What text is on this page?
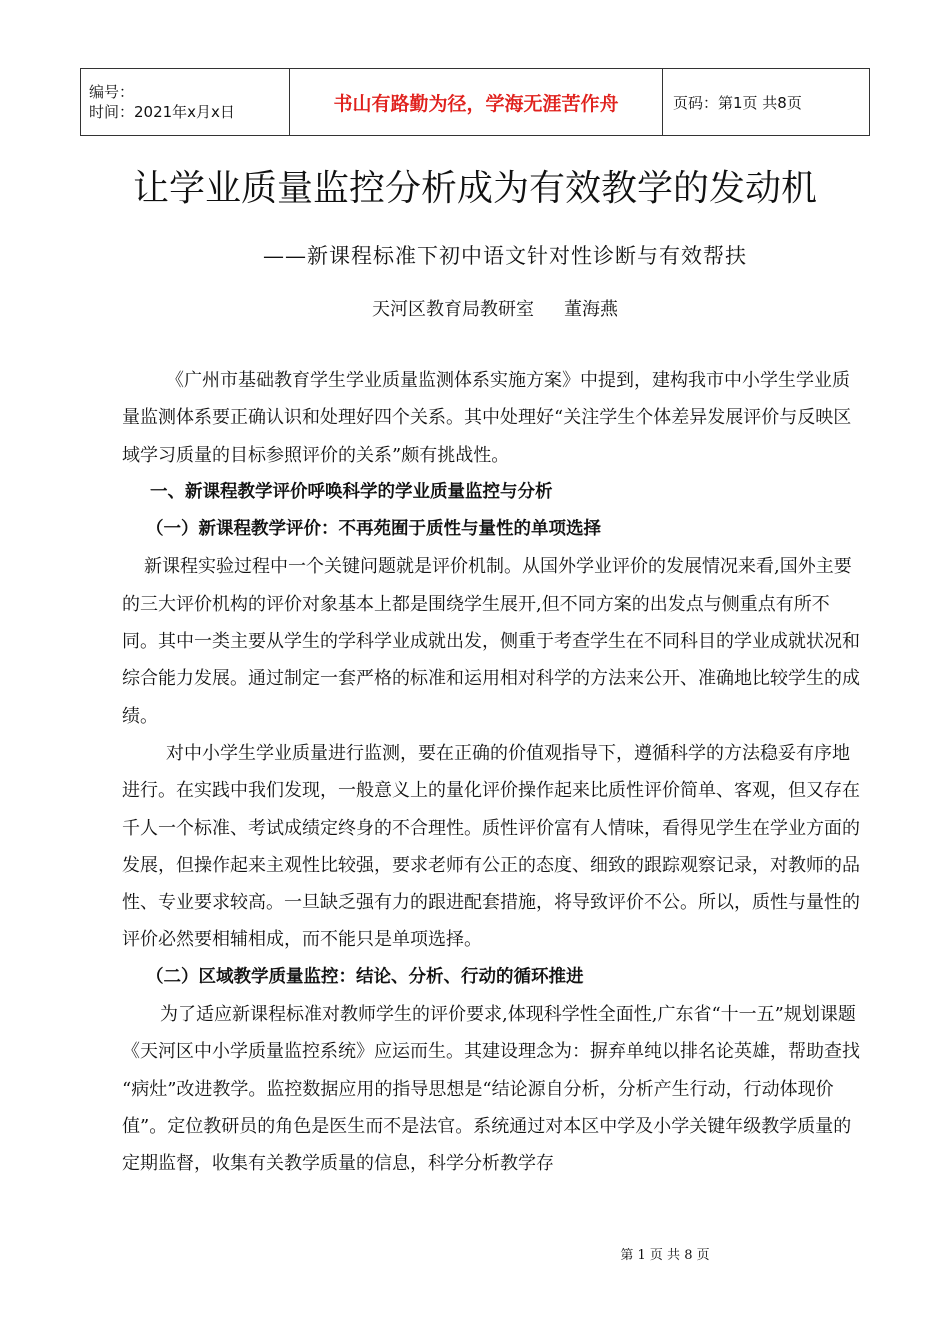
编号：
时间：2021年x月x日	书山有路勤为径，学海无涯苦作舟	页码：第1页 共8页
让学业质量监控分析成为有效教学的发动机
——新课程标准下初中语文针对性诊断与有效帮扶
天河区教育局教研室 董海燕

《广州市基础教育学生学业质量监测体系实施方案》中提到，建构我市中小学生学业质量监测体系要正确认识和处理好四个关系。其中处理好“关注学生个体差异发展评价与反映区域学习质量的目标参照评价的关系”颇有挑战性。

一、新课程教学评价呼唤科学的学业质量监控与分析

（一）新课程教学评价：不再苑囿于质性与量性的单项选择

新课程实验过程中一个关键问题就是评价机制。从国外学业评价的发展情况来看,国外主要的三大评价机构的评价对象基本上都是围绕学生展开,但不同方案的出发点与侧重点有所不同。其中一类主要从学生的学科学业成就出发，侧重于考查学生在不同科目的学业成就状况和综合能力发展。通过制定一套严格的标准和运用相对科学的方法来公开、准确地比较学生的成绩。

对中小学生学业质量进行监测，要在正确的价值观指导下，遵循科学的方法稳妥有序地进行。在实践中我们发现，一般意义上的量化评价操作起来比质性评价简单、客观，但又存在千人一个标准、考试成绩定终身的不合理性。质性评价富有人情味，看得见学生在学业方面的发展，但操作起来主观性比较强，要求老师有公正的态度、细致的跟踪观察记录，对教师的品性、专业要求较高。一旦缺乏强有力的跟进配套措施，将导致评价不公。所以，质性与量性的评价必然要相辅相成，而不能只是单项选择。

（二）区域教学质量监控：结论、分析、行动的循环推进

为了适应新课程标准对教师学生的评价要求,体现科学性全面性,广东省“十一五”规划课题《天河区中小学质量监控系统》应运而生。其建设理念为：摒弃单纯以排名论英雄，帮助查找 “病灶”改进教学。监控数据应用的指导思想是“结论源自分析，分析产生行动，行动体现价值”。定位教研员的角色是医生而不是法官。系统通过对本区中学及小学关键年级教学质量的定期监督，收集有关教学质量的信息，科学分析教学存

第 1 页 共 8 页
